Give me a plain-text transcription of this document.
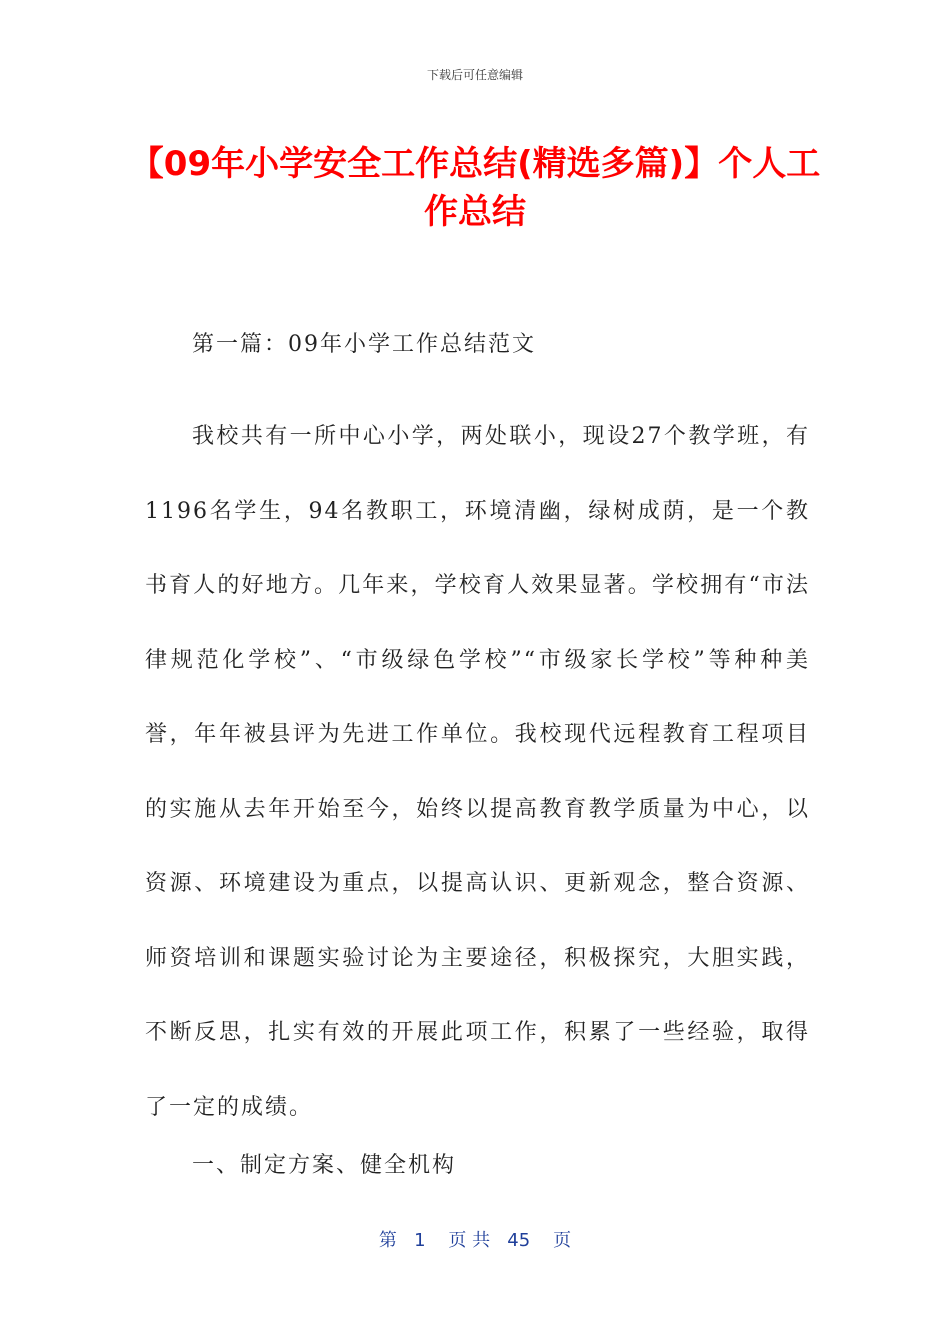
下载后可任意编辑
【09年小学安全工作总结(精选多篇)】个人工作总结

第一篇：09年小学工作总结范文

我校共有一所中心小学，两处联小，现设27个教学班，有1196名学生，94名教职工，环境清幽，绿树成荫，是一个教书育人的好地方。几年来，学校育人效果显著。学校拥有“市法律规范化学校”、“市级绿色学校”“市级家长学校”等种种美誉，年年被县评为先进工作单位。我校现代远程教育工程项目的实施从去年开始至今，始终以提高教育教学质量为中心，以资源、环境建设为重点，以提高认识、更新观念，整合资源、师资培训和课题实验讨论为主要途径，积极探究，大胆实践，不断反思，扎实有效的开展此项工作，积累了一些经验，取得了一定的成绩。

一、制定方案、健全机构

第   1    页 共   45    页
